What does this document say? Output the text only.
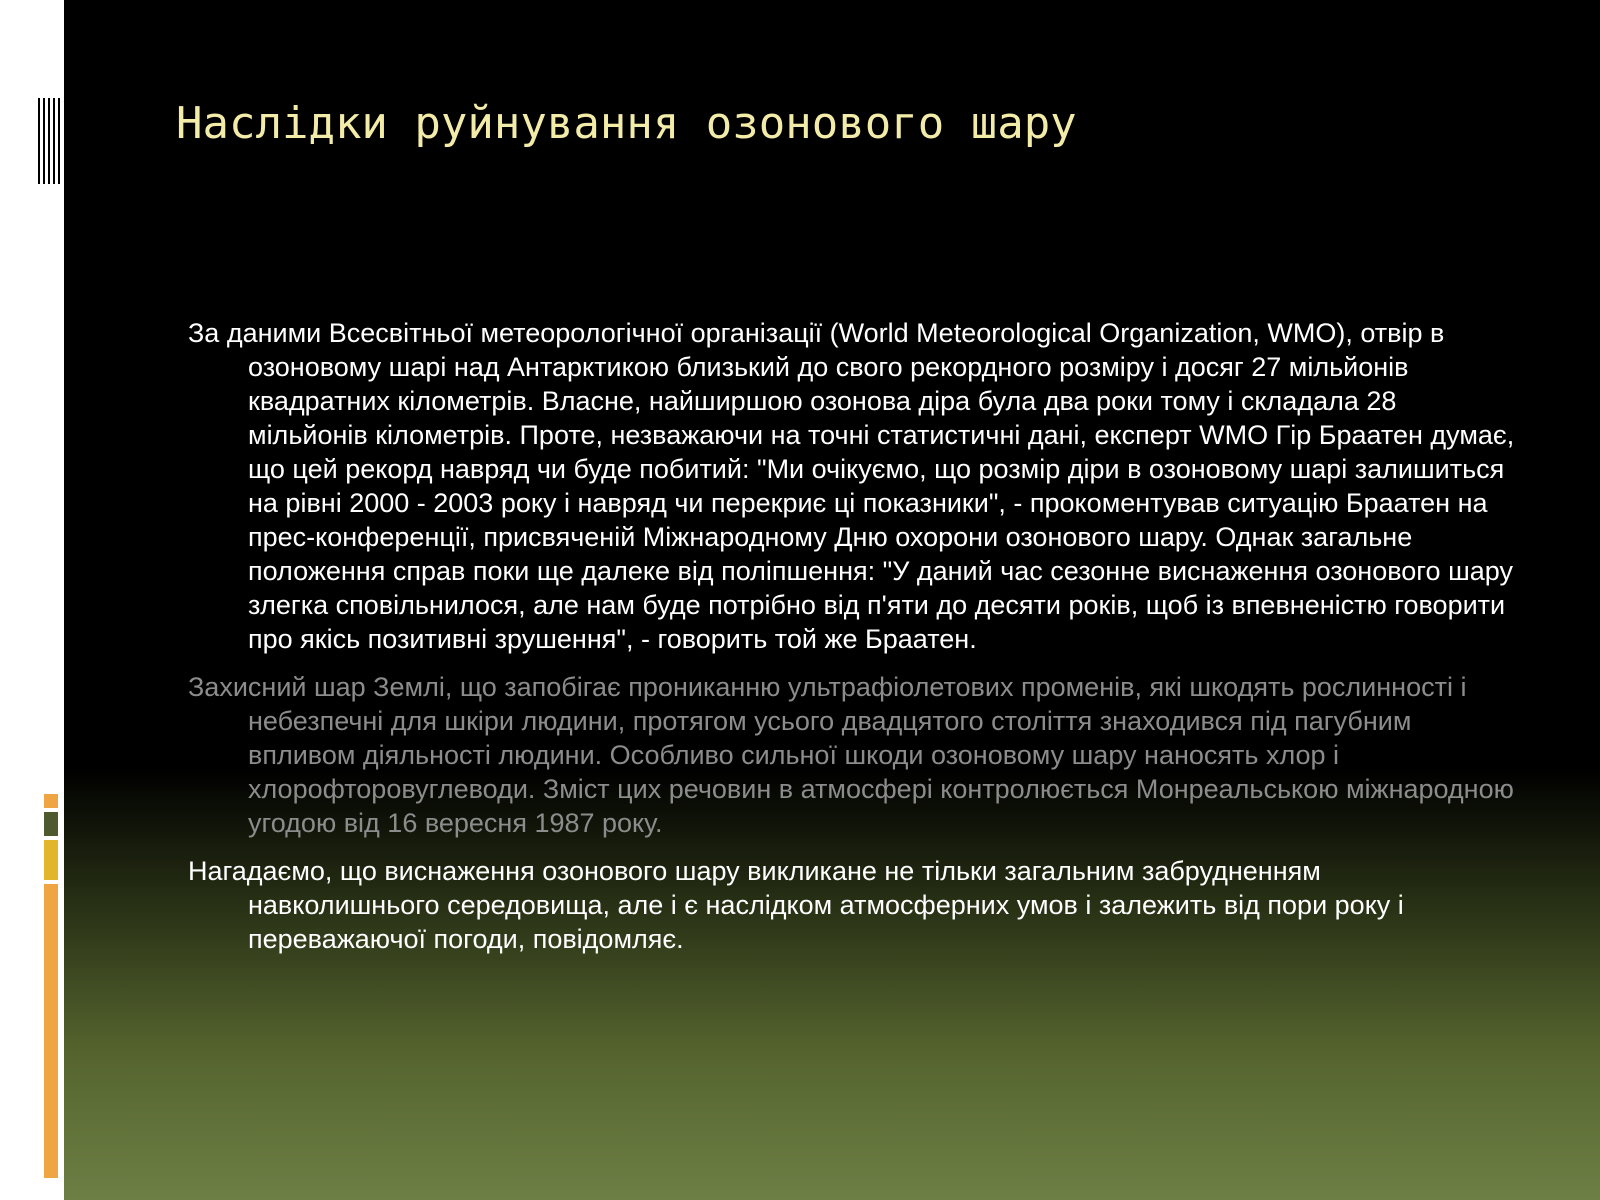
Наслідки руйнування озонового шару

За даними Всесвітньої метеорологічної організації (World Meteorological Organization, WMO), отвір в озоновому шарі над Антарктикою близький до свого рекордного розміру і досяг 27 мільйонів квадратних кілометрів. Власне, найширшою озонова діра була два роки тому і складала 28 мільйонів кілометрів. Проте, незважаючи на точні статистичні дані, експерт WMO Гір Браатен думає, що цей рекорд навряд чи буде побитий: "Ми очікуємо, що розмір діри в озоновому шарі залишиться на рівні 2000 - 2003 року і навряд чи перекриє ці показники", - прокоментував ситуацію Браатен на прес-конференції, присвяченій Міжнародному Дню охорони озонового шару. Однак загальне положення справ поки ще далеке від поліпшення: "У даний час сезонне виснаження озонового шару злегка сповільнилося, але нам буде потрібно від п'яти до десяти років, щоб із впевненістю говорити про якісь позитивні зрушення", - говорить той же Браатен.

Захисний шар Землі, що запобігає прониканню ультрафіолетових променів, які шкодять рослинності і небезпечні для шкіри людини, протягом усього двадцятого століття знаходився під пагубним впливом діяльності людини. Особливо сильної шкоди озоновому шару наносять хлор і хлорофторовуглеводи. Зміст цих речовин в атмосфері контролюється Монреальською міжнародною угодою від 16 вересня 1987 року.

Нагадаємо, що виснаження озонового шару викликане не тільки загальним забрудненням навколишнього середовища, але і є наслідком атмосферних умов і залежить від пори року і переважаючої погоди, повідомляє.
